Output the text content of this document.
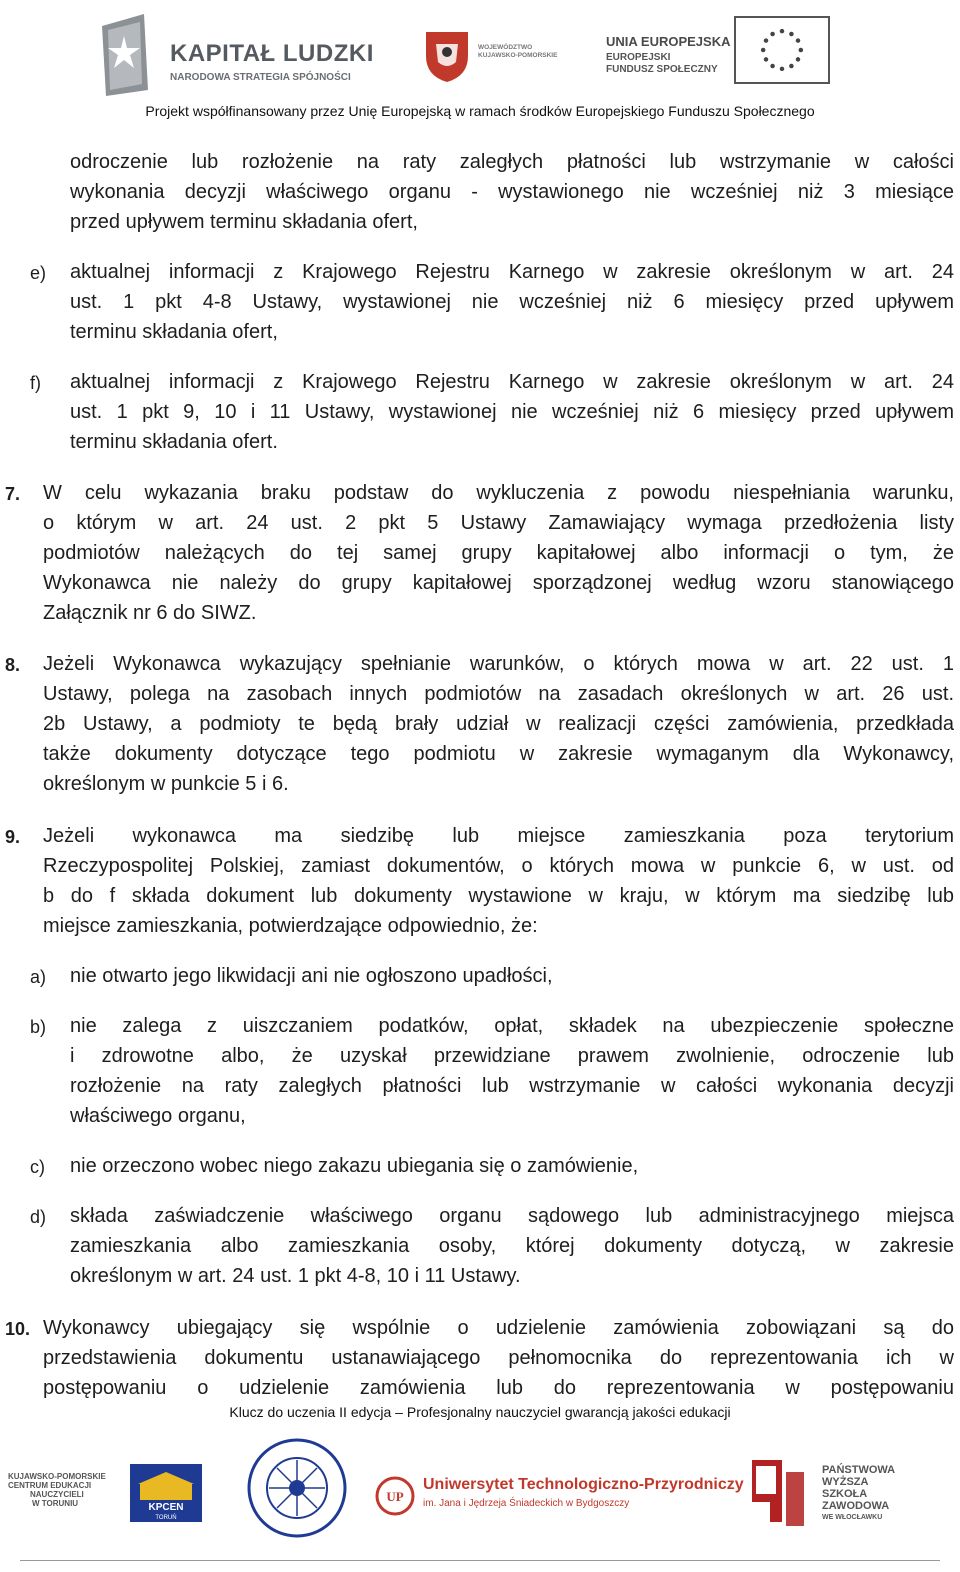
KAPITAŁ LUDZKI
NARODOWA STRATEGIA SPÓJNOŚCI
WOJEWÓDZTWO
KUJAWSKO-POMORSKIE
UNIA EUROPEJSKA
EUROPEJSKI
FUNDUSZ SPOŁECZNY
Projekt współfinansowany przez Unię Europejską w ramach środków Europejskiego Funduszu Społecznego
odroczenie lub rozłożenie na raty zaległych płatności lub wstrzymanie w całości
wykonania decyzji właściwego organu - wystawionego nie wcześniej niż 3 miesiące
przed upływem terminu składania ofert,
e) aktualnej informacji z Krajowego Rejestru Karnego w zakresie określonym w art. 24
ust. 1 pkt 4-8 Ustawy, wystawionej nie wcześniej niż 6 miesięcy przed upływem
terminu składania ofert,
f) aktualnej informacji z Krajowego Rejestru Karnego w zakresie określonym w art. 24
ust. 1 pkt 9, 10 i 11 Ustawy, wystawionej nie wcześniej niż 6 miesięcy przed upływem
terminu składania ofert.
7. W celu wykazania braku podstaw do wykluczenia z powodu niespełniania warunku,
o którym w art. 24 ust. 2 pkt 5 Ustawy Zamawiający wymaga przedłożenia listy
podmiotów należących do tej samej grupy kapitałowej albo informacji o tym, że
Wykonawca nie należy do grupy kapitałowej sporządzonej według wzoru stanowiącego
Załącznik nr 6 do SIWZ.
8. Jeżeli Wykonawca wykazujący spełnianie warunków, o których mowa w art. 22 ust. 1
Ustawy, polega na zasobach innych podmiotów na zasadach określonych w art. 26 ust.
2b Ustawy, a podmioty te będą brały udział w realizacji części zamówienia, przedkłada
także dokumenty dotyczące tego podmiotu w zakresie wymaganym dla Wykonawcy,
określonym w punkcie 5 i 6.
9. Jeżeli wykonawca ma siedzibę lub miejsce zamieszkania poza terytorium
Rzeczypospolitej Polskiej, zamiast dokumentów, o których mowa w punkcie 6, w ust. od
b do f składa dokument lub dokumenty wystawione w kraju, w którym ma siedzibę lub
miejsce zamieszkania, potwierdzające odpowiednio, że:
a) nie otwarto jego likwidacji ani nie ogłoszono upadłości,
b) nie zalega z uiszczaniem podatków, opłat, składek na ubezpieczenie społeczne
i zdrowotne albo, że uzyskał przewidziane prawem zwolnienie, odroczenie lub
rozłożenie na raty zaległych płatności lub wstrzymanie w całości wykonania decyzji
właściwego organu,
c) nie orzeczono wobec niego zakazu ubiegania się o zamówienie,
d) składa zaświadczenie właściwego organu sądowego lub administracyjnego miejsca
zamieszkania albo zamieszkania osoby, której dokumenty dotyczą, w zakresie
określonym w art. 24 ust. 1 pkt 4-8, 10 i 11 Ustawy.
10. Wykonawcy ubiegający się wspólnie o udzielenie zamówienia zobowiązani są do
przedstawienia dokumentu ustanawiającego pełnomocnika do reprezentowania ich w
postępowaniu o udzielenie zamówienia lub do reprezentowania w postępowaniu
Klucz do uczenia II edycja – Profesjonalny nauczyciel gwarancją jakości edukacji
KUJAWSKO-POMORSKIE
CENTRUM EDUKACJI
NAUCZYCIELI
W TORUNIU	KPCEN
TORUŃ
UP
Uniwersytet Technologiczno-Przyrodniczy
im. Jana i Jędrzeja Śniadeckich w Bydgoszczy
PAŃSTWOWA
WYŻSZA
SZKOŁA
ZAWODOWA
WE WŁOCŁAWKU
